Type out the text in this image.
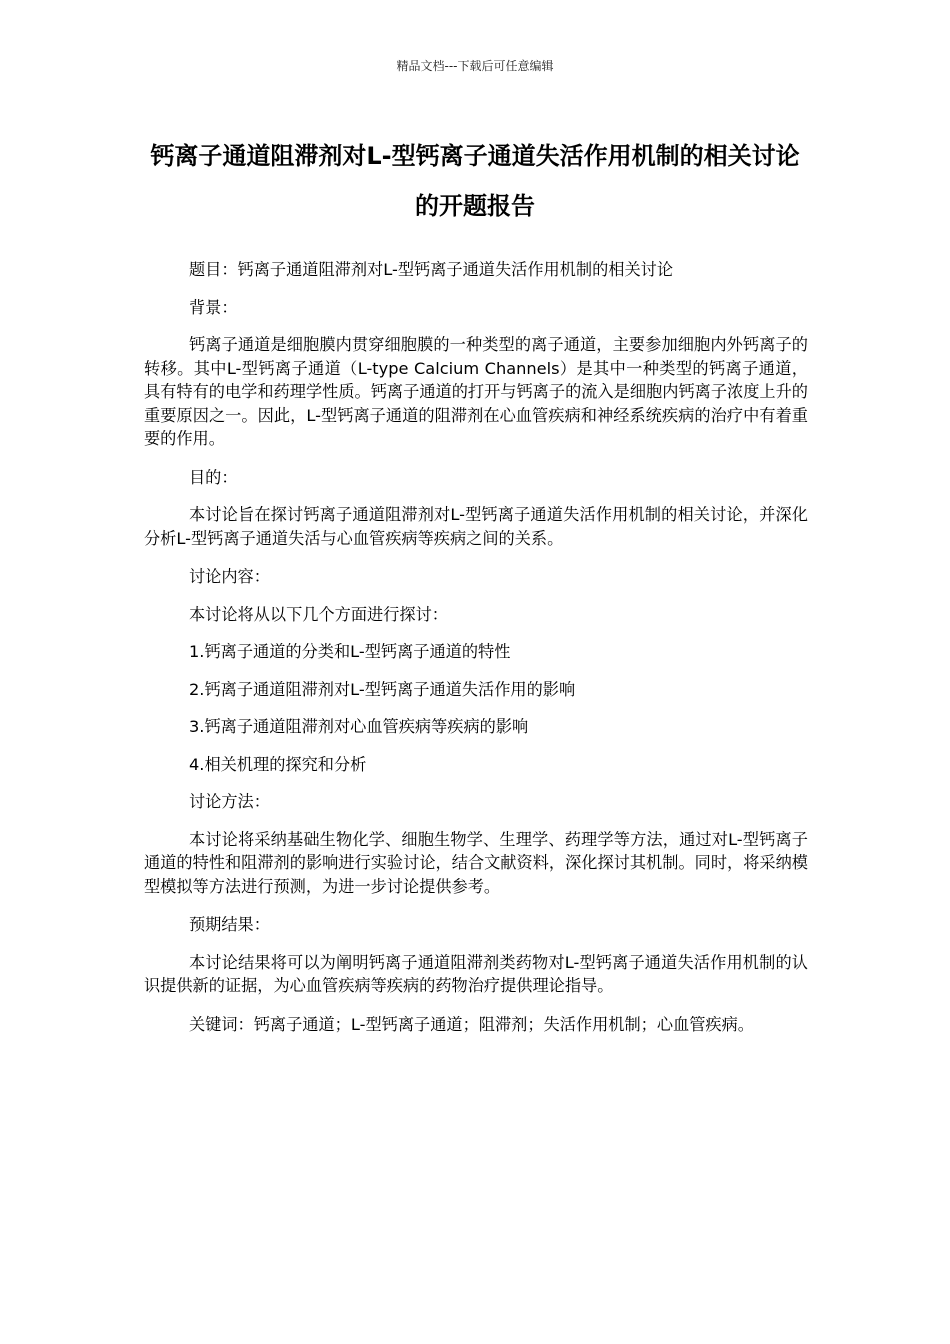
精品文档---下载后可任意编辑
钙离子通道阻滞剂对L-型钙离子通道失活作用机制的相关讨论的开题报告

题目：钙离子通道阻滞剂对L-型钙离子通道失活作用机制的相关讨论

背景：

钙离子通道是细胞膜内贯穿细胞膜的一种类型的离子通道，主要参加细胞内外钙离子的转移。其中L-型钙离子通道（L-type Calcium Channels）是其中一种类型的钙离子通道，具有特有的电学和药理学性质。钙离子通道的打开与钙离子的流入是细胞内钙离子浓度上升的重要原因之一。因此，L-型钙离子通道的阻滞剂在心血管疾病和神经系统疾病的治疗中有着重要的作用。

目的：

本讨论旨在探讨钙离子通道阻滞剂对L-型钙离子通道失活作用机制的相关讨论，并深化分析L-型钙离子通道失活与心血管疾病等疾病之间的关系。

讨论内容：

本讨论将从以下几个方面进行探讨：

1.钙离子通道的分类和L-型钙离子通道的特性

2.钙离子通道阻滞剂对L-型钙离子通道失活作用的影响

3.钙离子通道阻滞剂对心血管疾病等疾病的影响

4.相关机理的探究和分析

讨论方法：

本讨论将采纳基础生物化学、细胞生物学、生理学、药理学等方法，通过对L-型钙离子通道的特性和阻滞剂的影响进行实验讨论，结合文献资料，深化探讨其机制。同时，将采纳模型模拟等方法进行预测，为进一步讨论提供参考。

预期结果：

本讨论结果将可以为阐明钙离子通道阻滞剂类药物对L-型钙离子通道失活作用机制的认识提供新的证据，为心血管疾病等疾病的药物治疗提供理论指导。

关键词：钙离子通道；L-型钙离子通道；阻滞剂；失活作用机制；心血管疾病。
